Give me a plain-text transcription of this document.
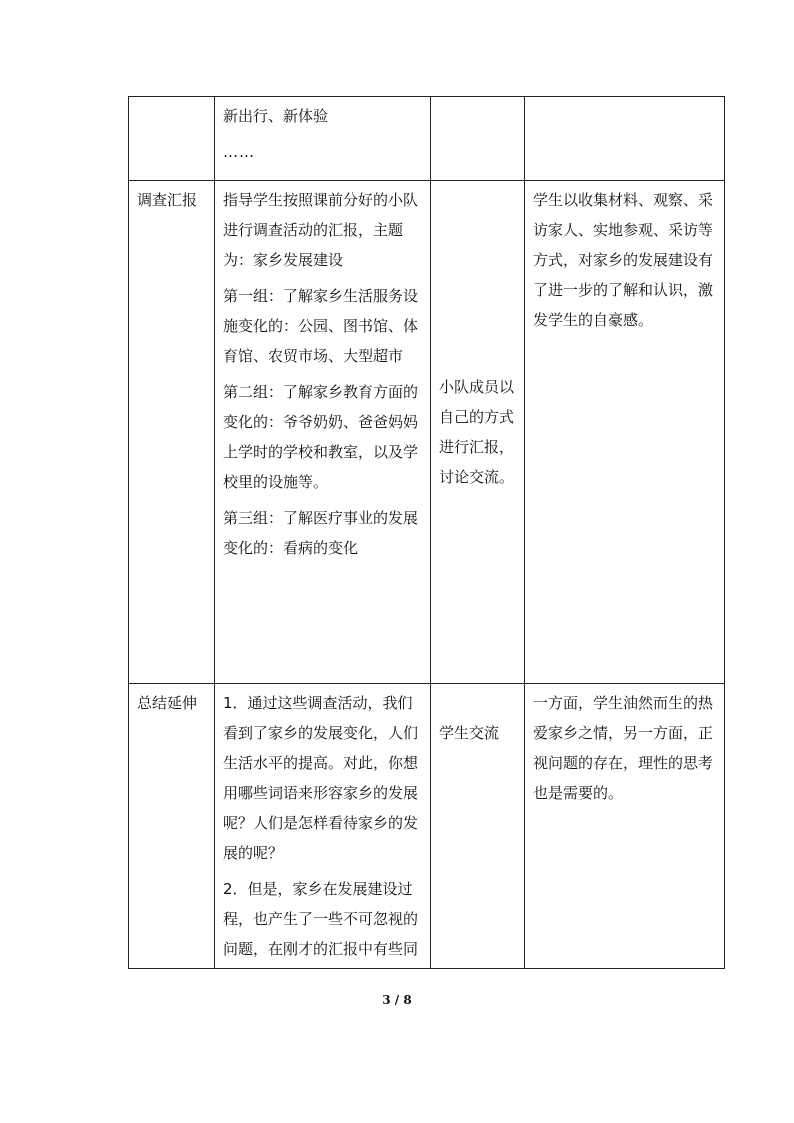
	新出行、新体验
……		

调查汇报	指导学生按照课前分好的小队进行调查活动的汇报，主题为：家乡发展建设
第一组：了解家乡生活服务设施变化的：公园、图书馆、体育馆、农贸市场、大型超市
第二组：了解家乡教育方面的变化的：爷爷奶奶、爸爸妈妈上学时的学校和教室，以及学校里的设施等。
第三组：了解医疗事业的发展变化的：看病的变化	小队成员以自己的方式进行汇报，讨论交流。	学生以收集材料、观察、采访家人、实地参观、采访等方式，对家乡的发展建设有了进一步的了解和认识，激发学生的自豪感。

总结延伸	1．通过这些调查活动，我们看到了家乡的发展变化，人们生活水平的提高。对此，你想用哪些词语来形容家乡的发展呢？人们是怎样看待家乡的发展的呢？
2．但是，家乡在发展建设过程，也产生了一些不可忽视的问题，在刚才的汇报中有些同	学生交流	一方面，学生油然而生的热爱家乡之情，另一方面，正视问题的存在，理性的思考也是需要的。
3 / 8
